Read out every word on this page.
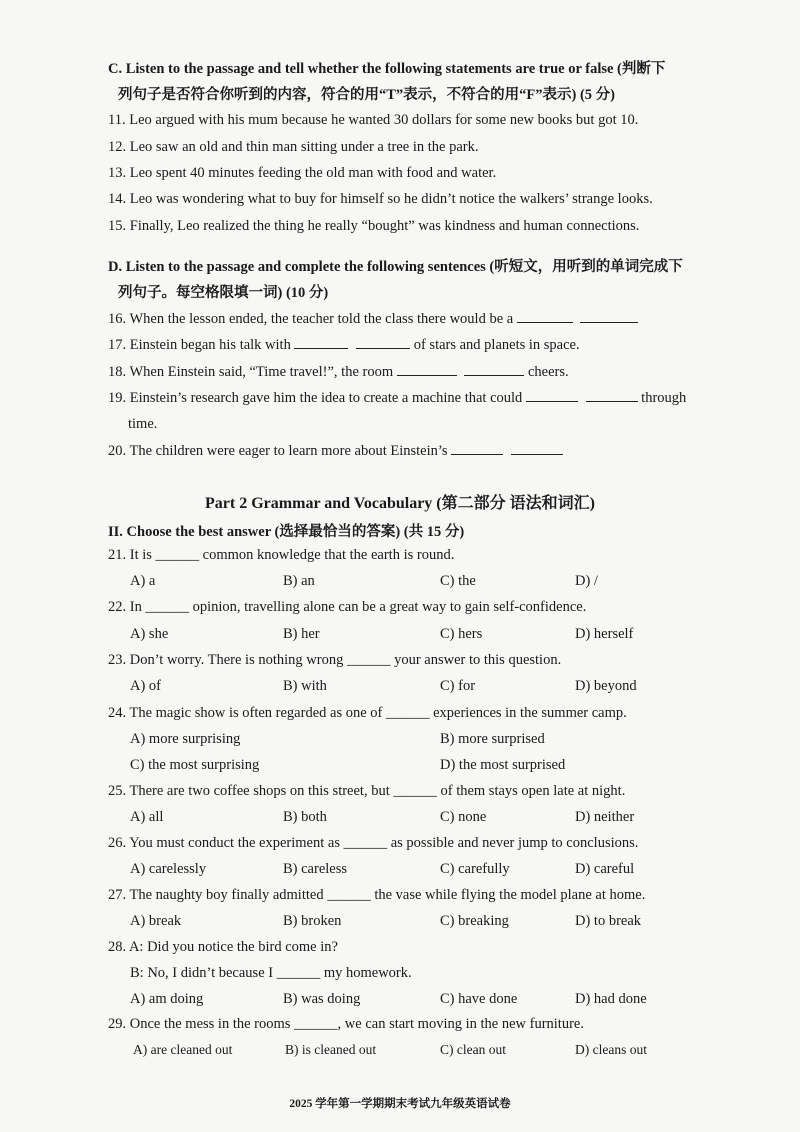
C. Listen to the passage and tell whether the following statements are true or false (判断下
列句子是否符合你听到的内容，符合的用“T”表示，不符合的用“F”表示) (5 分)
11. Leo argued with his mum because he wanted 30 dollars for some new books but got 10.
12. Leo saw an old and thin man sitting under a tree in the park.
13. Leo spent 40 minutes feeding the old man with food and water.
14. Leo was wondering what to buy for himself so he didn’t notice the walkers’ strange looks.
15. Finally, Leo realized the thing he really “bought” was kindness and human connections.
D. Listen to the passage and complete the following sentences (听短文，用听到的单词完成下
列句子。每空格限填一词) (10 分)
16. When the lesson ended, the teacher told the class there would be a
17. Einstein began his talk with	of stars and planets in space.
18. When Einstein said, “Time travel!”, the room	cheers.
19. Einstein’s research gave him the idea to create a machine that could	through
time.
20. The children were eager to learn more about Einstein’s
Part 2 Grammar and Vocabulary (第二部分 语法和词汇)
II. Choose the best answer (选择最恰当的答案) (共 15 分)
21. It is ______ common knowledge that the earth is round.
A) a	B) an	C) the	D) /
22. In ______ opinion, travelling alone can be a great way to gain self-confidence.
A) she	B) her	C) hers	D) herself
23. Don’t worry. There is nothing wrong ______ your answer to this question.
A) of	B) with	C) for	D) beyond
24. The magic show is often regarded as one of ______ experiences in the summer camp.
A) more surprising	B) more surprised
C) the most surprising	D) the most surprised
25. There are two coffee shops on this street, but ______ of them stays open late at night.
A) all	B) both	C) none	D) neither
26. You must conduct the experiment as ______ as possible and never jump to conclusions.
A) carelessly	B) careless	C) carefully	D) careful
27. The naughty boy finally admitted ______ the vase while flying the model plane at home.
A) break	B) broken	C) breaking	D) to break
28. A: Did you notice the bird come in?
B: No, I didn’t because I ______ my homework.
A) am doing	B) was doing	C) have done	D) had done
29. Once the mess in the rooms ______, we can start moving in the new furniture.
A) are cleaned out	B) is cleaned out	C) clean out	D) cleans out
2025 学年第一学期期末考试九年级英语试卷
